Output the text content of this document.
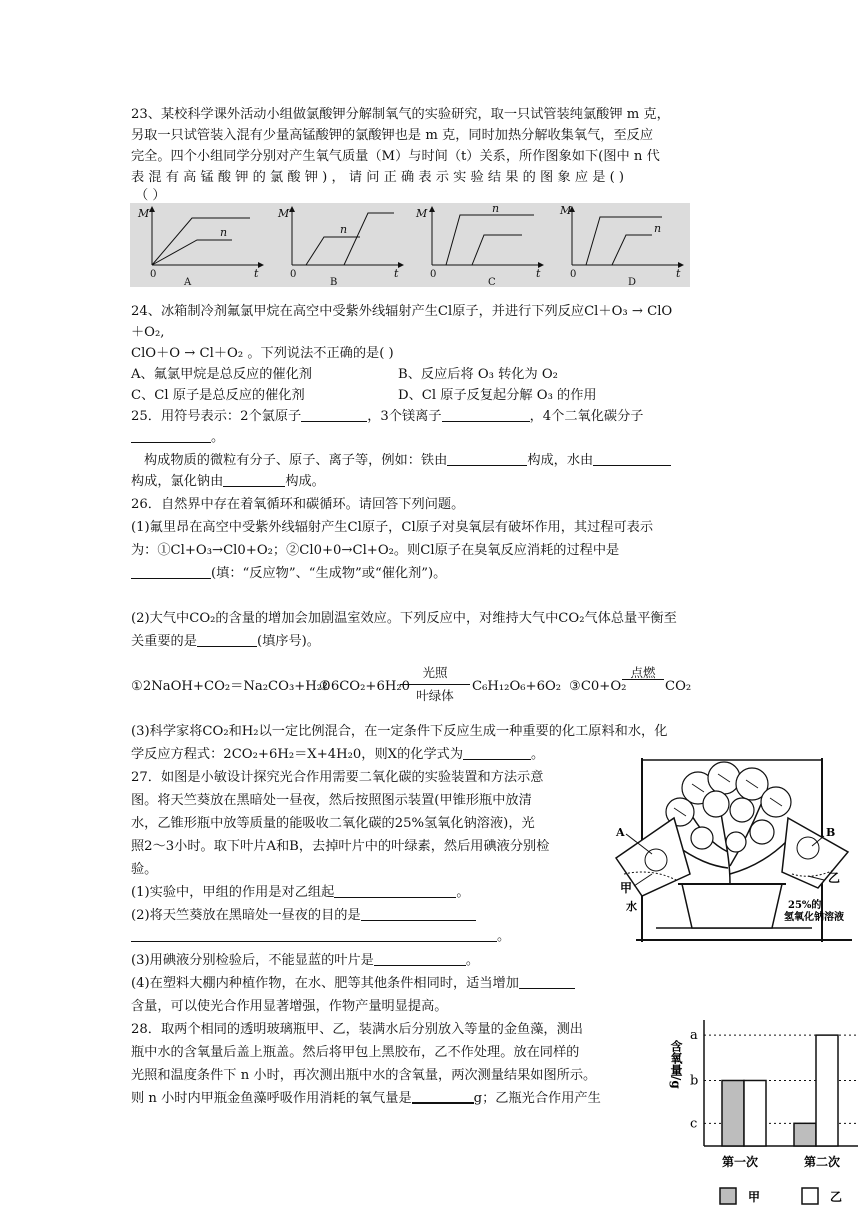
23、某校科学课外活动小组做氯酸钾分解制氧气的实验研究，取一只试管装纯氯酸钾 m 克，

另取一只试管装入混有少量高锰酸钾的氯酸钾也是 m 克，同时加热分解收集氧气，至反应

完全。四个小组同学分别对产生氧气质量（M）与时间（t）关系，所作图象如下(图中 n 代

表 混 有 高 锰 酸 钾 的 氯 酸 钾 ) ， 请 问 正 确 表 示 实 验 结 果 的 图 象 应 是 ( )

（ ）

M
t
0
n
A
M
t
0
n
B
M
t
0
n
C
M
t
0
n
D

24、冰箱制冷剂氟氯甲烷在高空中受紫外线辐射产生Cl原子，并进行下列反应Cl＋O₃ → ClO

＋O₂,

ClO＋O → Cl＋O₂ 。下列说法不正确的是( )

A、氟氯甲烷是总反应的催化剂	B、反应后将 O₃ 转化为 O₂

C、Cl 原子是总反应的催化剂	D、Cl 原子反复起分解 O₃ 的作用

25．用符号表示：2个氯原子	，3个镁离子	，4个二氧化碳分子

。

构成物质的微粒有分子、原子、离子等，例如：铁由	构成，水由

构成，氯化钠由	构成。

26．自然界中存在着氧循环和碳循环。请回答下列问题。

(1)氟里昂在高空中受紫外线辐射产生Cl原子，Cl原子对臭氧层有破坏作用，其过程可表示

为：①Cl+O₃→Cl0+O₂；②Cl0+0→Cl+O₂。则Cl原子在臭氧反应消耗的过程中是

(填：“反应物”、“生成物”或“催化剂”)。

(2)大气中CO₂的含量的增加会加剧温室效应。下列反应中，对维持大气中CO₂气体总量平衡至

关重要的是	(填序号)。

①2NaOH+CO₂＝Na₂CO₃+H₂0

②6CO₂+6H₂0

光照
叶绿体

C₆H₁₂O₆+6O₂ ③C0+O₂

点燃

CO₂

(3)科学家将CO₂和H₂以一定比例混合，在一定条件下反应生成一种重要的化工原料和水，化

学反应方程式：2CO₂+6H₂＝X+4H₂0，则X的化学式为	。

27．如图是小敏设计探究光合作用需要二氧化碳的实验装置和方法示意

图。将天竺葵放在黑暗处一昼夜，然后按照图示装置(甲锥形瓶中放清

水，乙锥形瓶中放等质量的能吸收二氧化碳的25%氢氧化钠溶液)，光

照2～3小时。取下叶片A和B，去掉叶片中的叶绿素，然后用碘液分别检

验。

(1)实验中，甲组的作用是对乙组起	。

(2)将天竺葵放在黑暗处一昼夜的目的是

。

(3)用碘液分别检验后，不能显蓝的叶片是	。

(4)在塑料大棚内种植作物，在水、肥等其他条件相同时，适当增加

含量，可以使光合作用显著增强，作物产量明显提高。

A	B
甲
水
乙
25%的
氢氧化钠溶液

28．取两个相同的透明玻璃瓶甲、乙，装满水后分别放入等量的金鱼藻，测出

瓶中水的含氧量后盖上瓶盖。然后将甲包上黑胶布，乙不作处理。放在同样的

光照和温度条件下 n 小时，再次测出瓶中水的含氧量，两次测量结果如图所示。

则 n 小时内甲瓶金鱼藻呼吸作用消耗的氧气量是	g；乙瓶光合作用产生

含氧量/g
a
b
c
第一次	第二次
甲	乙
